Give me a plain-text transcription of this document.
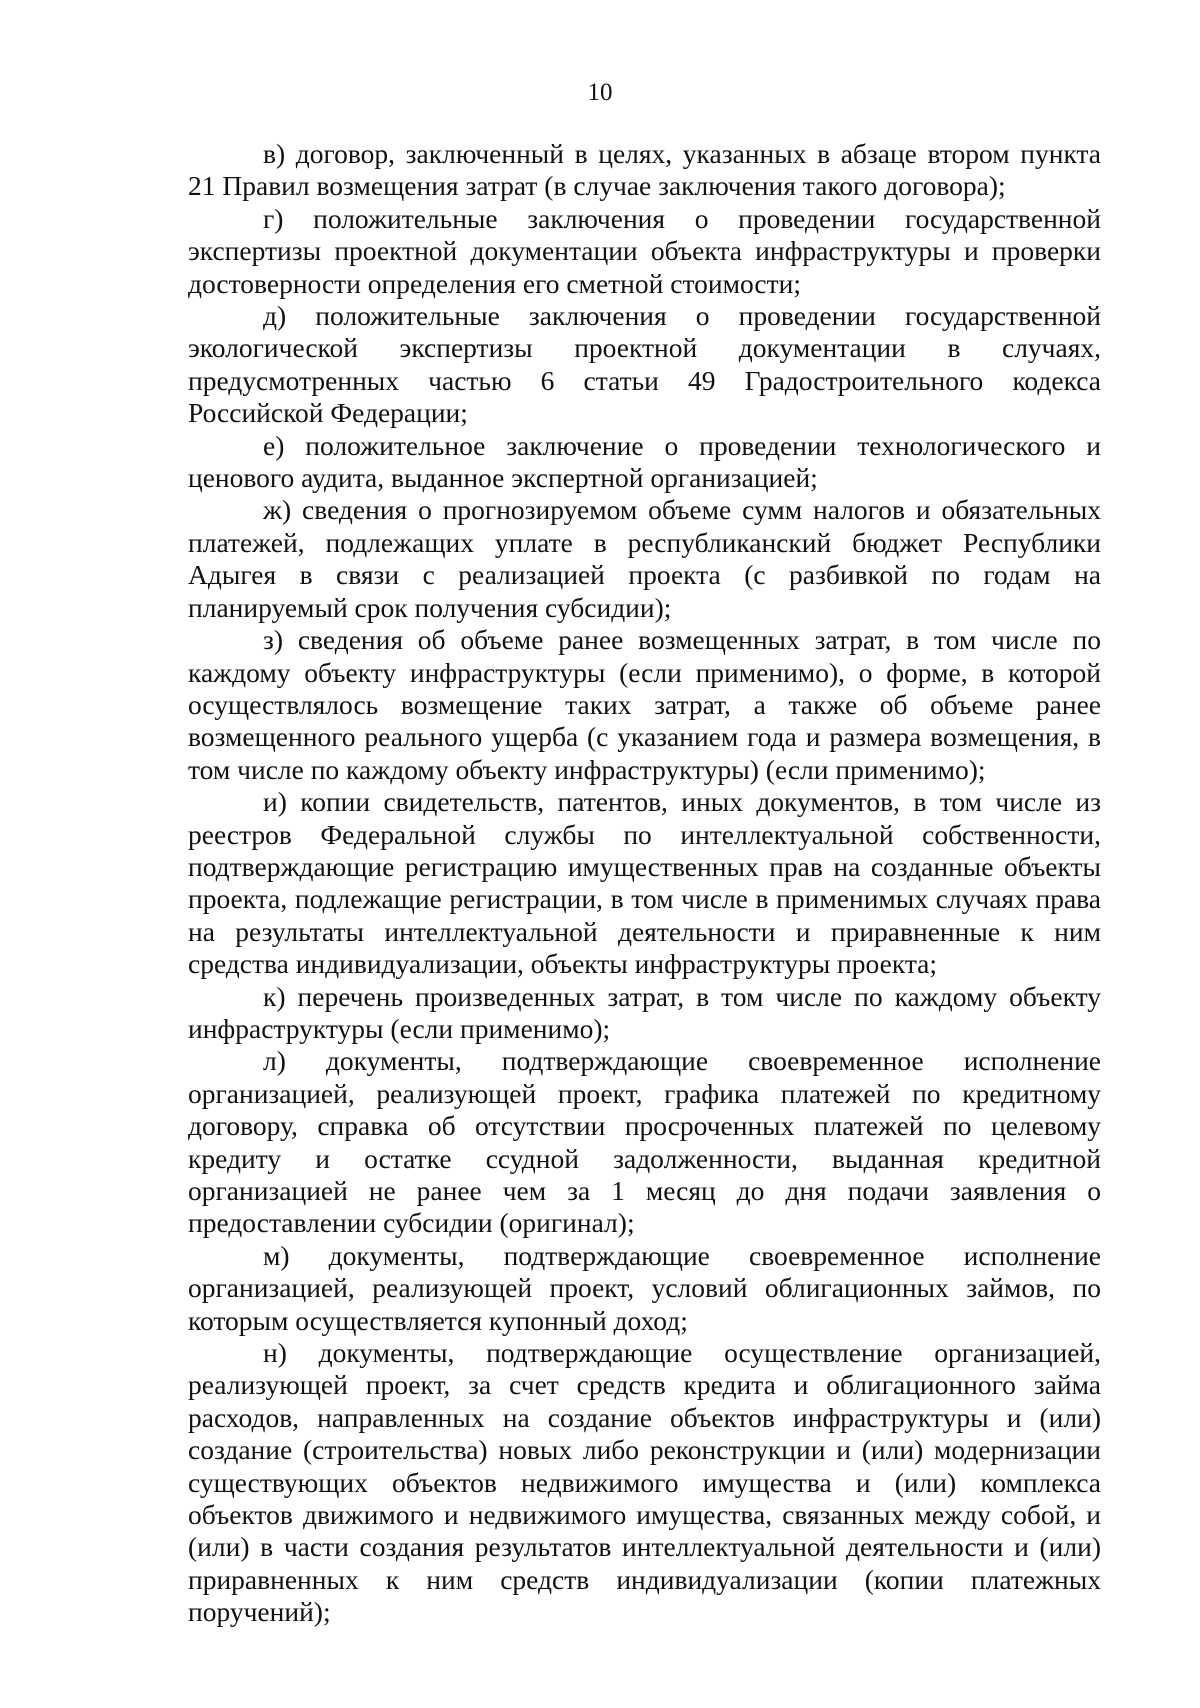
10

в) договор, заключенный в целях, указанных в абзаце втором пункта 21 Правил возмещения затрат (в случае заключения такого договора);

г) положительные заключения о проведении государственной экспертизы проектной документации объекта инфраструктуры и проверки достоверности определения его сметной стоимости;

д) положительные заключения о проведении государственной экологической экспертизы проектной документации в случаях, предусмотренных частью 6 статьи 49 Градостроительного кодекса Российской Федерации;

е) положительное заключение о проведении технологического и ценового аудита, выданное экспертной организацией;

ж) сведения о прогнозируемом объеме сумм налогов и обязательных платежей, подлежащих уплате в республиканский бюджет Республики Адыгея в связи с реализацией проекта (с разбивкой по годам на планируемый срок получения субсидии);

з) сведения об объеме ранее возмещенных затрат, в том числе по каждому объекту инфраструктуры (если применимо), о форме, в которой осуществлялось возмещение таких затрат, а также об объеме ранее возмещенного реального ущерба (с указанием года и размера возмещения, в том числе по каждому объекту инфраструктуры) (если применимо);

и) копии свидетельств, патентов, иных документов, в том числе из реестров Федеральной службы по интеллектуальной собственности, подтверждающие регистрацию имущественных прав на созданные объекты проекта, подлежащие регистрации, в том числе в применимых случаях права на результаты интеллектуальной деятельности и приравненные к ним средства индивидуализации, объекты инфраструктуры проекта;

к) перечень произведенных затрат, в том числе по каждому объекту инфраструктуры (если применимо);

л) документы, подтверждающие своевременное исполнение организацией, реализующей проект, графика платежей по кредитному договору, справка об отсутствии просроченных платежей по целевому кредиту и остатке ссудной задолженности, выданная кредитной организацией не ранее чем за 1 месяц до дня подачи заявления о предоставлении субсидии (оригинал);

м) документы, подтверждающие своевременное исполнение организацией, реализующей проект, условий облигационных займов, по которым осуществляется купонный доход;

н) документы, подтверждающие осуществление организацией, реализующей проект, за счет средств кредита и облигационного займа расходов, направленных на создание объектов инфраструктуры и (или) создание (строительства) новых либо реконструкции и (или) модернизации существующих объектов недвижимого имущества и (или) комплекса объектов движимого и недвижимого имущества, связанных между собой, и (или) в части создания результатов интеллектуальной деятельности и (или) приравненных к ним средств индивидуализации (копии платежных поручений);
